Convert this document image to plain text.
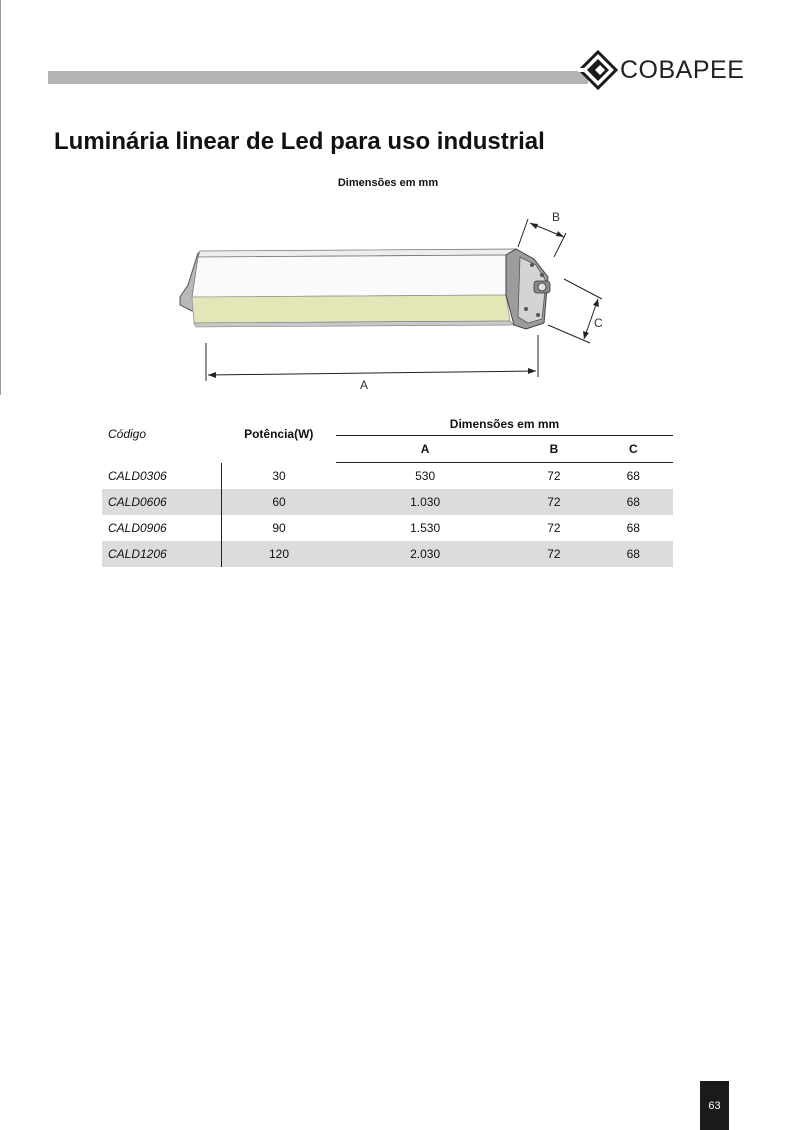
COBAPEE
Luminária linear de Led para uso industrial
Dimensões em mm
A
B
C
Código	Potência(W)	Dimensões em mm		
		A	B	C
CALD0306	30	530	72	68
CALD0606	60	1.030	72	68
CALD0906	90	1.530	72	68
CALD1206	120	2.030	72	68
63
